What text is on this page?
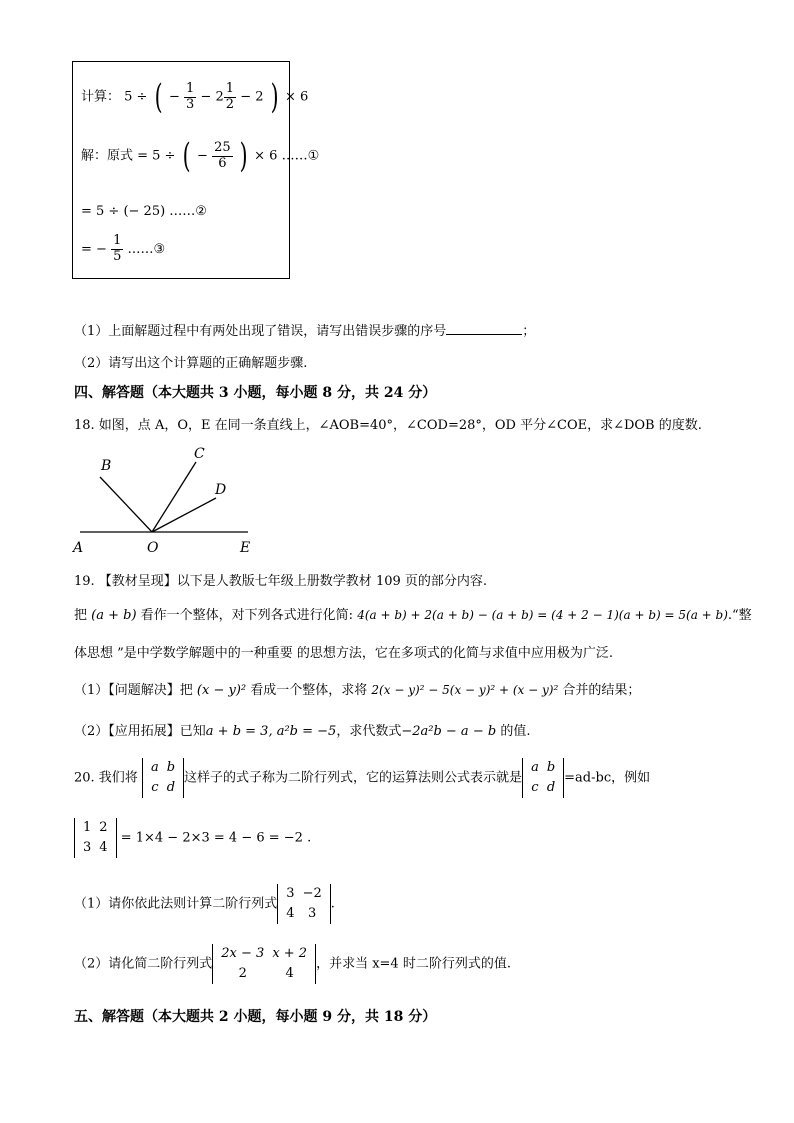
计算： 5 ÷ ( − $\frac{1}{3} - 2 \frac{1}{2} - 2$ ) × 6
解：原式 = 5 ÷ ( − $\frac{25}{6}$ ) × 6 ……①
= 5 ÷ (− 25) ……②
= − $\frac{1}{5}$ ……③
（1）上面解题过程中有两处出现了错误，请写出错误步骤的序号	；
（2）请写出这个计算题的正确解题步骤.
四、解答题（本大题共 3 小题，每小题 8 分，共 24 分）
18. 如图，点 A，O，E 在同一条直线上，∠AOB=40°，∠COD=28°，OD 平分∠COE，求∠DOB 的度数.
A	O	E
B
C
D
19. 【教材呈现】以下是人教版七年级上册数学教材 109 页的部分内容.
把 (a + b) 看作一个整体，对下列各式进行化简: 4(a + b) + 2(a + b) − (a + b) = (4 + 2 − 1)(a + b) = 5(a + b).“整
体思想 ”是中学数学解题中的一种重要 的思想方法，它在多项式的化简与求值中应用极为广泛.
（1）【问题解决】把 (x − y)² 看成一个整体，求将 2(x − y)² − 5(x − y)² + (x − y)² 合并的结果；
（2）【应用拓展】已知a + b = 3, a²b = −5，求代数式−2a²b − a − b 的值.
20. 我们将
a	b
c	d
这样子的式子称为二阶行列式，它的运算法则公式表示就是
a	b
c	d
=ad-bc，例如
1	2
3	4
= 1×4 − 2×3 = 4 − 6 = −2 .
（1）请你依此法则计算二阶行列式
3	−2
4	3
.
（2）请化简二阶行列式
2x − 3	x + 2
2	4
，并求当 x=4 时二阶行列式的值.
五、解答题（本大题共 2 小题，每小题 9 分，共 18 分）
